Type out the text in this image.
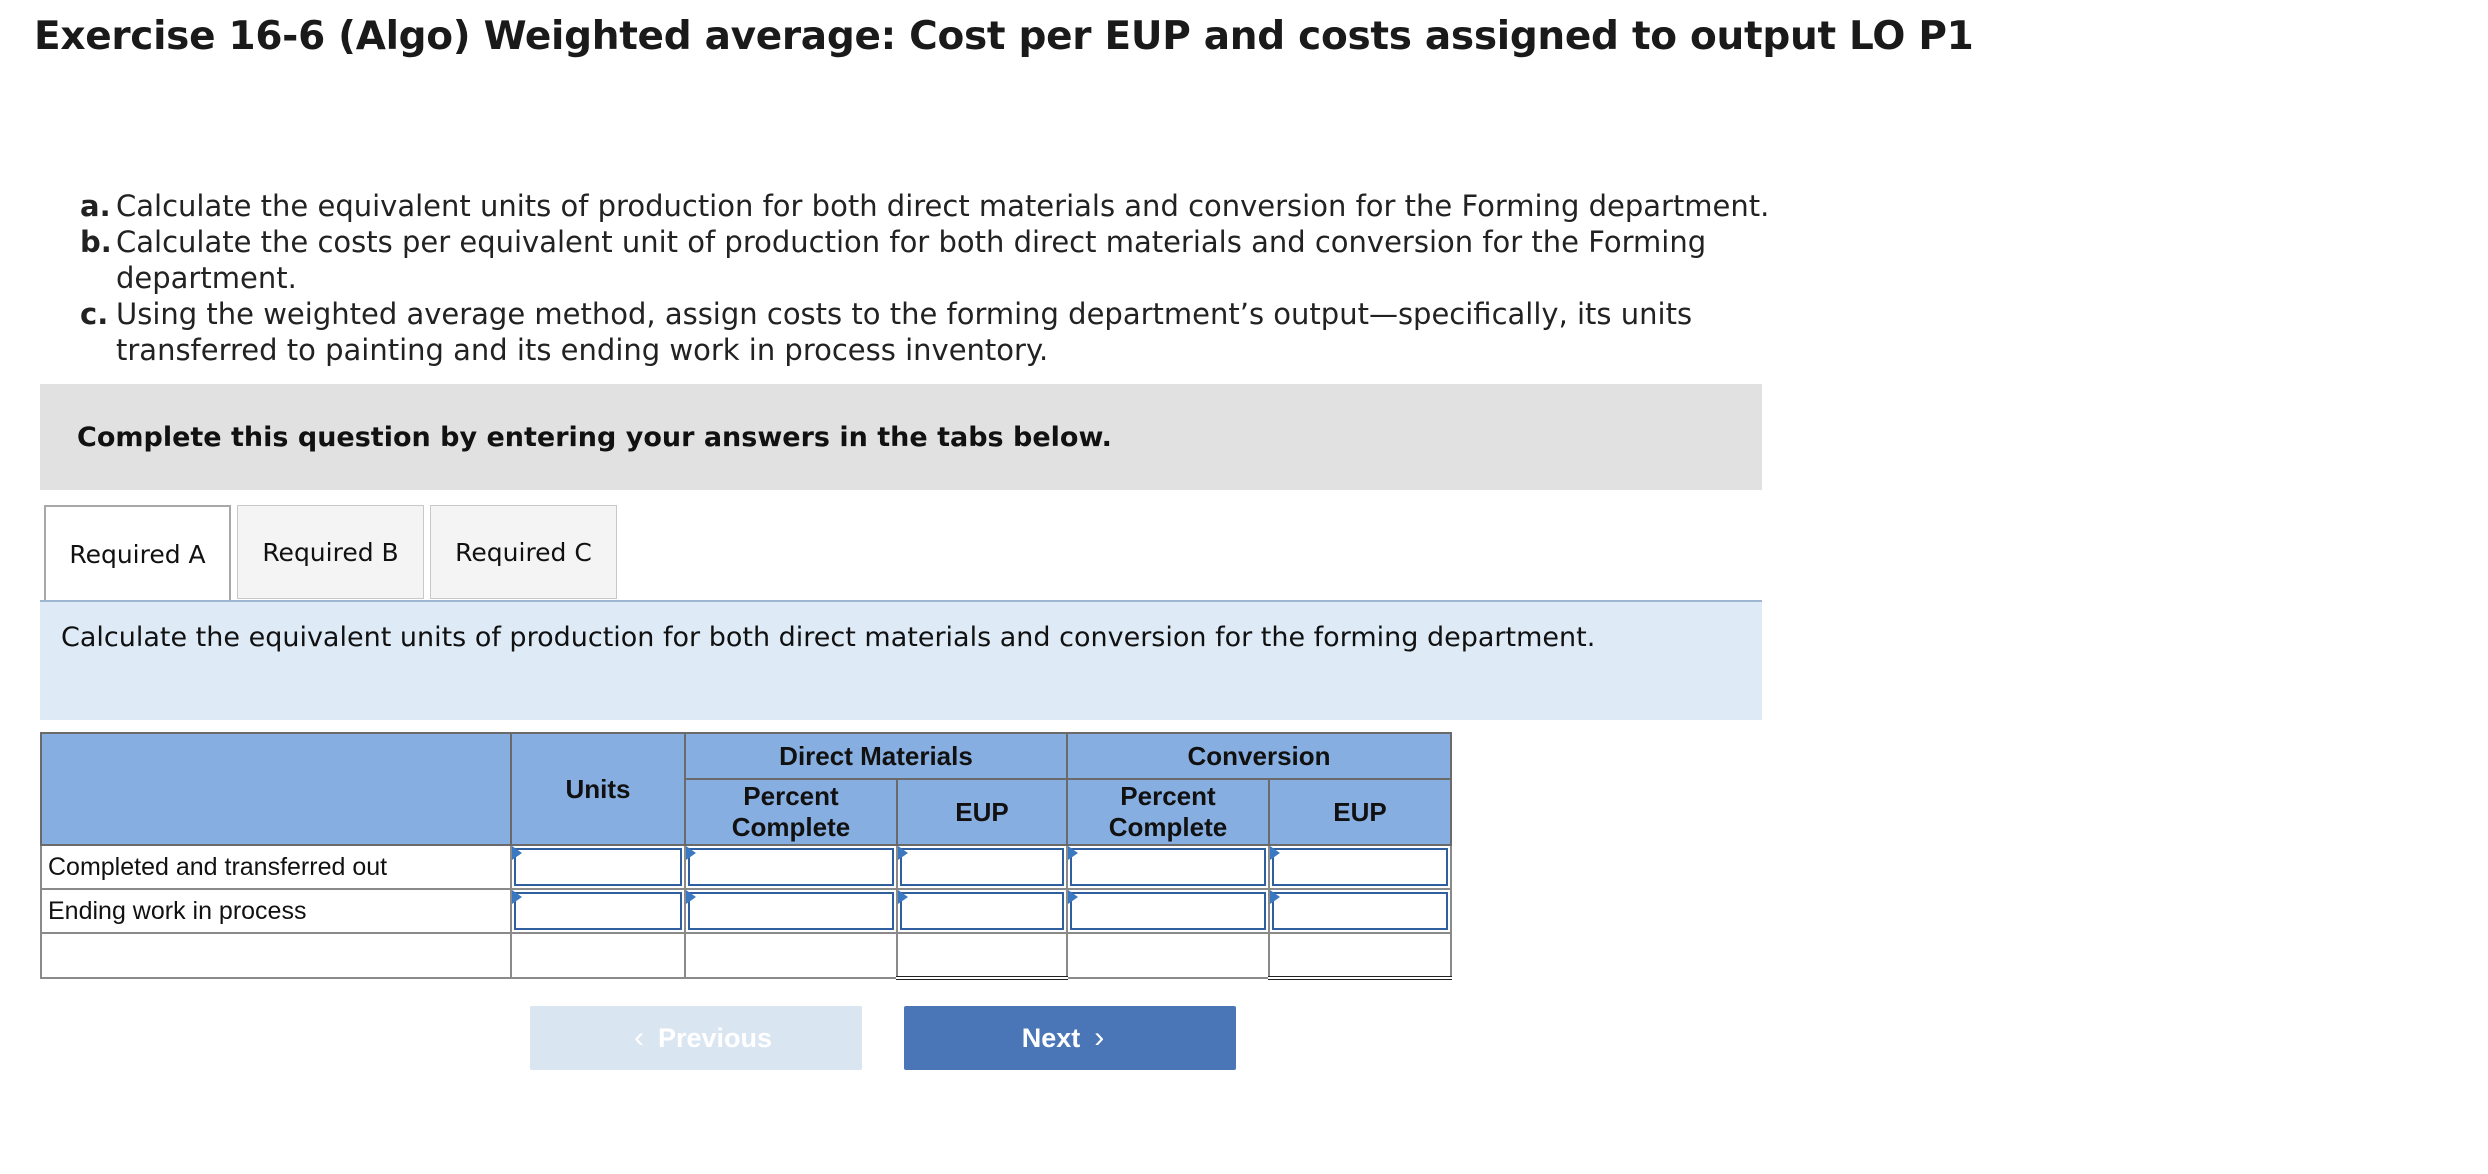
Exercise 16-6 (Algo) Weighted average: Cost per EUP and costs assigned to output LO P1
a. Calculate the equivalent units of production for both direct materials and conversion for the Forming department.
b. Calculate the costs per equivalent unit of production for both direct materials and conversion for the Forming department.
c. Using the weighted average method, assign costs to the forming department’s output—specifically, its units transferred to painting and its ending work in process inventory.
Complete this question by entering your answers in the tabs below.
Required A	Required B	Required C
Calculate the equivalent units of production for both direct materials and conversion for the forming department.
	Units	Direct Materials		Conversion	
		Percent Complete	EUP	Percent Complete	EUP
Completed and transferred out	

Ending work in process	

‹ Previous	Next ›
